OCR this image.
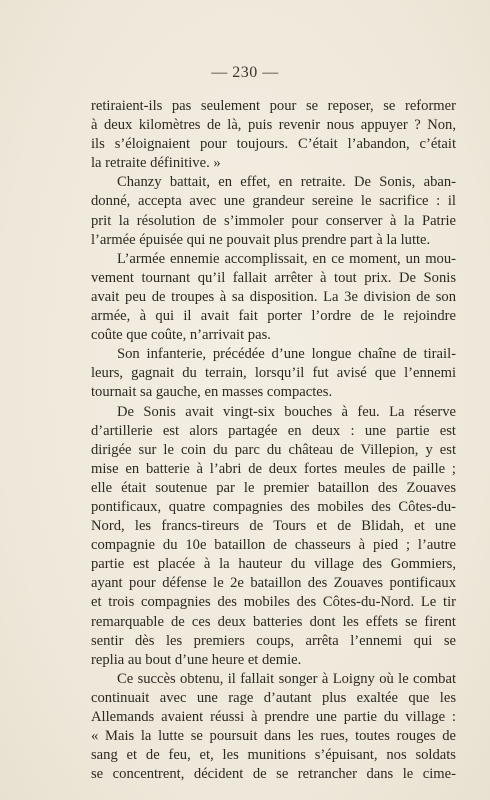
— 230 —

retiraient-ils pas seulement pour se reposer, se reformer
à deux kilomètres de là, puis revenir nous appuyer ? Non,
ils s’éloignaient pour toujours. C’était l’abandon, c’était
la retraite définitive. »

Chanzy battait, en effet, en retraite. De Sonis, aban-
donné, accepta avec une grandeur sereine le sacrifice : il
prit la résolution de s’immoler pour conserver à la Patrie
l’armée épuisée qui ne pouvait plus prendre part à la lutte.

L’armée ennemie accomplissait, en ce moment, un mou-
vement tournant qu’il fallait arrêter à tout prix. De Sonis
avait peu de troupes à sa disposition. La 3e division de son
armée, à qui il avait fait porter l’ordre de le rejoindre
coûte que coûte, n’arrivait pas.

Son infanterie, précédée d’une longue chaîne de tirail-
leurs, gagnait du terrain, lorsqu’il fut avisé que l’ennemi
tournait sa gauche, en masses compactes.

De Sonis avait vingt-six bouches à feu. La réserve
d’artillerie est alors partagée en deux : une partie est
dirigée sur le coin du parc du château de Villepion, y est
mise en batterie à l’abri de deux fortes meules de paille ;
elle était soutenue par le premier bataillon des Zouaves
pontificaux, quatre compagnies des mobiles des Côtes-du-
Nord, les francs-tireurs de Tours et de Blidah, et une
compagnie du 10e bataillon de chasseurs à pied ; l’autre
partie est placée à la hauteur du village des Gommiers,
ayant pour défense le 2e bataillon des Zouaves pontificaux
et trois compagnies des mobiles des Côtes-du-Nord. Le tir
remarquable de ces deux batteries dont les effets se firent
sentir dès les premiers coups, arrêta l’ennemi qui se
replia au bout d’une heure et demie.

Ce succès obtenu, il fallait songer à Loigny où le combat
continuait avec une rage d’autant plus exaltée que les
Allemands avaient réussi à prendre une partie du village :
« Mais la lutte se poursuit dans les rues, toutes rouges de
sang et de feu, et, les munitions s’épuisant, nos soldats
se concentrent, décident de se retrancher dans le cime-
